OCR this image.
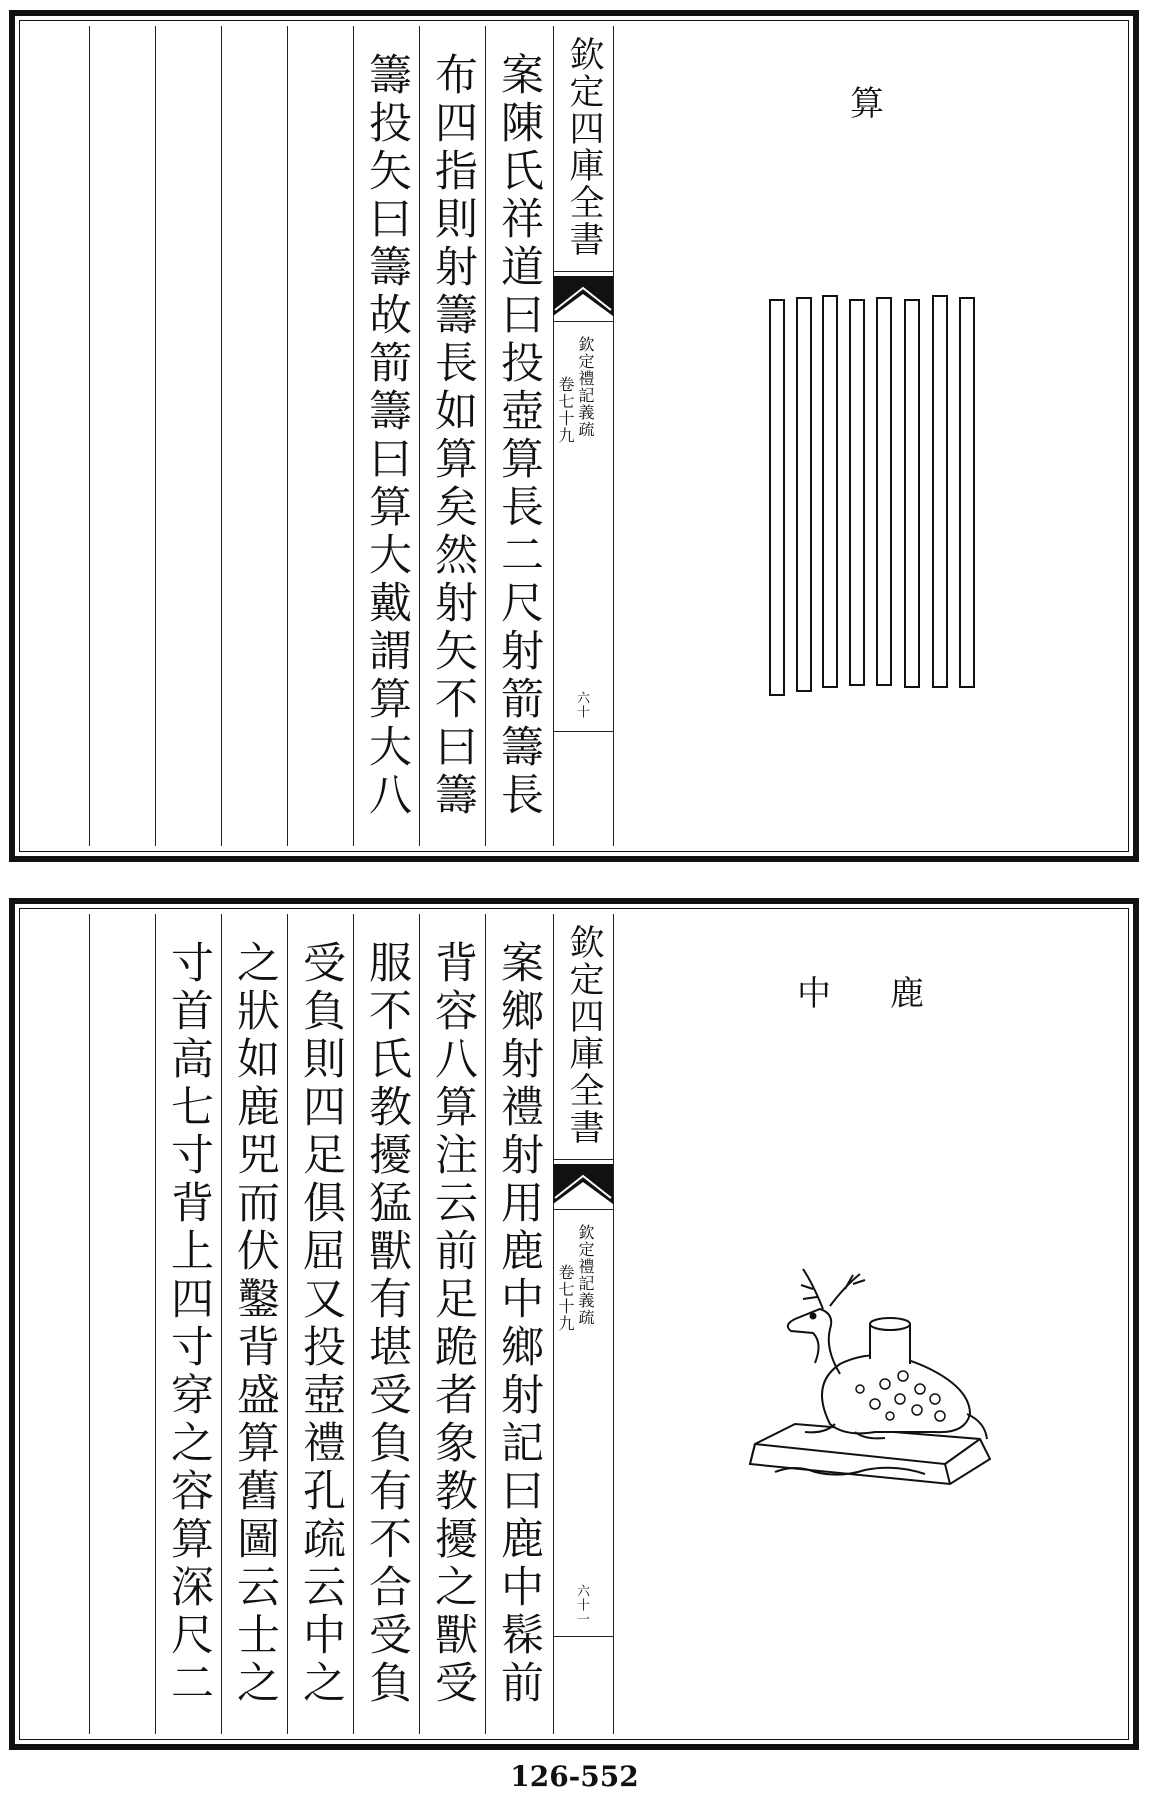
案陳氏祥道曰投壺算長二尺射箭籌長
布四指則射籌長如算矣然射矢不曰籌
籌投矢曰籌故箭籌曰算大戴謂算大八
欽定四庫全書
欽定禮記義疏
卷七十九
六十
算
案鄉射禮射用鹿中鄉射記曰鹿中髹前
背容八算注云前足跪者象教擾之獸受
服不氏教擾猛獸有堪受負有不合受負
受負則四足俱屈又投壺禮孔疏云中之
之狀如鹿兕而伏鑿背盛算舊圖云士之
寸首高七寸背上四寸穿之容算深尺二
欽定四庫全書
欽定禮記義疏
卷七十九
六十一
鹿
中
126-552
